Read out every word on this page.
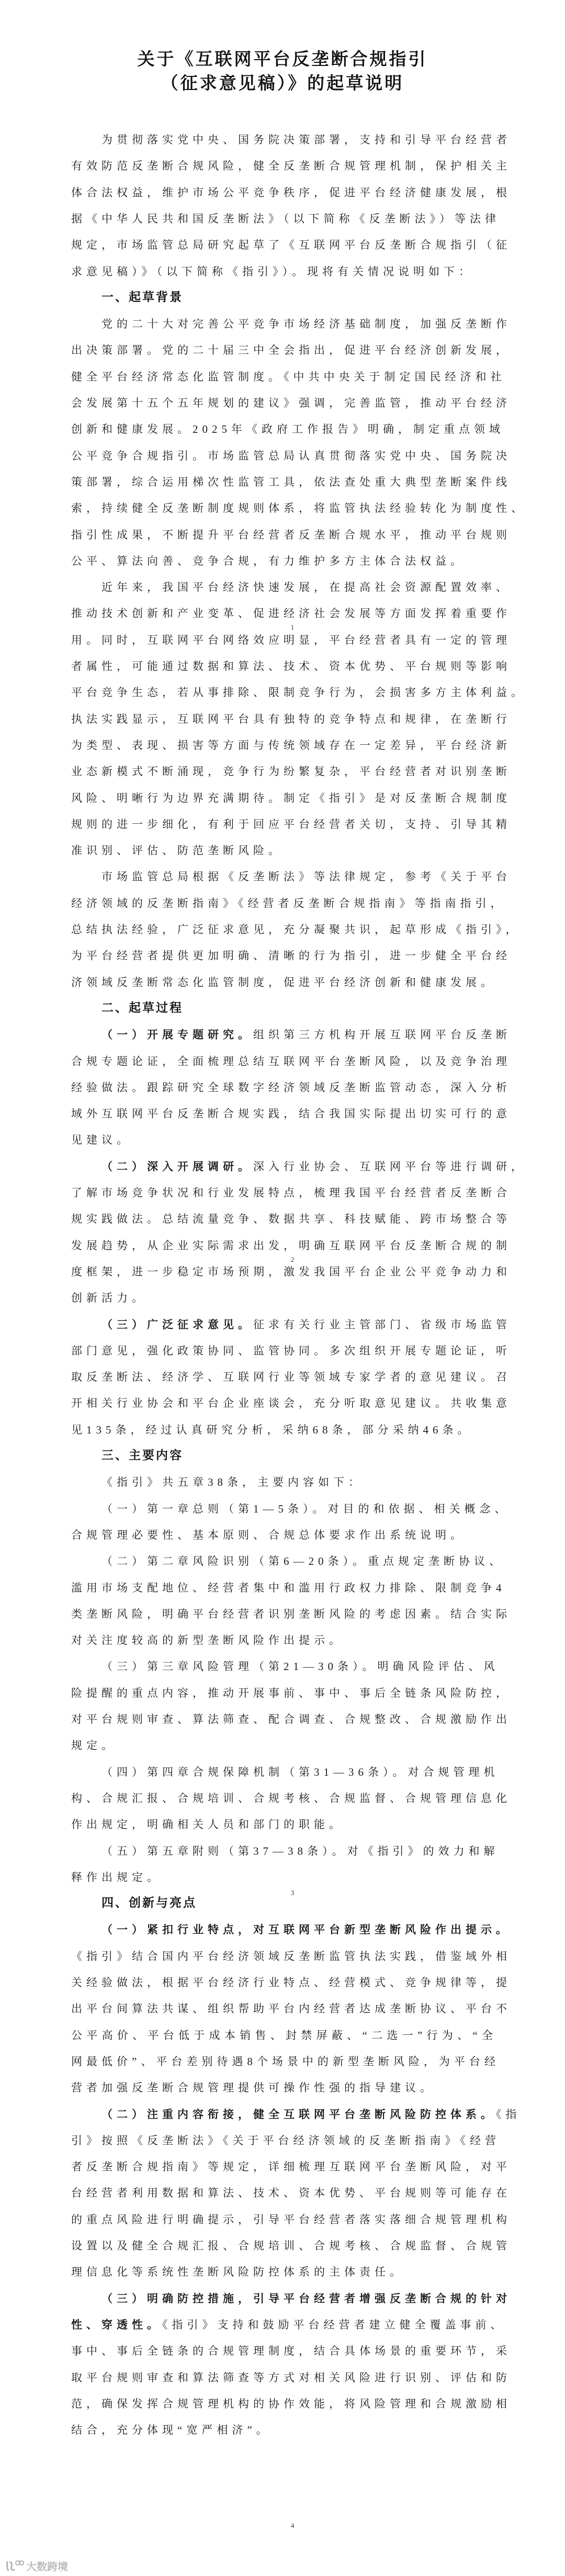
关于《互联网平台反垄断合规指引
（征求意见稿）》的起草说明
1
2
3
4
大数跨境
为贯彻落实党中央、国务院决策部署，支持和引导平台经营者
有效防范反垄断合规风险，健全反垄断合规管理机制，保护相关主
体合法权益，维护市场公平竞争秩序，促进平台经济健康发展，根
据《中华人民共和国反垄断法》（以下简称《反垄断法》）等法律
规定，市场监管总局研究起草了《互联网平台反垄断合规指引（征
求意见稿）》（以下简称《指引》）。现将有关情况说明如下：
一、起草背景
党的二十大对完善公平竞争市场经济基础制度，加强反垄断作
出决策部署。党的二十届三中全会指出，促进平台经济创新发展，
健全平台经济常态化监管制度。《中共中央关于制定国民经济和社
会发展第十五个五年规划的建议》强调，完善监管，推动平台经济
创新和健康发展。2025年《政府工作报告》明确，制定重点领域
公平竞争合规指引。市场监管总局认真贯彻落实党中央、国务院决
策部署，综合运用梯次性监管工具，依法查处重大典型垄断案件线
索，持续健全反垄断制度规则体系，将监管执法经验转化为制度性、
指引性成果，不断提升平台经营者反垄断合规水平，推动平台规则
公平、算法向善、竞争合规，有力维护多方主体合法权益。
近年来，我国平台经济快速发展，在提高社会资源配置效率、
推动技术创新和产业变革、促进经济社会发展等方面发挥着重要作
用。同时，互联网平台网络效应明显，平台经营者具有一定的管理
者属性，可能通过数据和算法、技术、资本优势、平台规则等影响
平台竞争生态，若从事排除、限制竞争行为，会损害多方主体利益。
执法实践显示，互联网平台具有独特的竞争特点和规律，在垄断行
为类型、表现、损害等方面与传统领域存在一定差异，平台经济新
业态新模式不断涌现，竞争行为纷繁复杂，平台经营者对识别垄断
风险、明晰行为边界充满期待。制定《指引》是对反垄断合规制度
规则的进一步细化，有利于回应平台经营者关切，支持、引导其精
准识别、评估、防范垄断风险。
市场监管总局根据《反垄断法》等法律规定，参考《关于平台
经济领域的反垄断指南》《经营者反垄断合规指南》等指南指引，
总结执法经验，广泛征求意见，充分凝聚共识，起草形成《指引》，
为平台经营者提供更加明确、清晰的行为指引，进一步健全平台经
济领域反垄断常态化监管制度，促进平台经济创新和健康发展。
二、起草过程
（一）开展专题研究。组织第三方机构开展互联网平台反垄断
合规专题论证，全面梳理总结互联网平台垄断风险，以及竞争治理
经验做法。跟踪研究全球数字经济领域反垄断监管动态，深入分析
域外互联网平台反垄断合规实践，结合我国实际提出切实可行的意
见建议。
（二）深入开展调研。深入行业协会、互联网平台等进行调研，
了解市场竞争状况和行业发展特点，梳理我国平台经营者反垄断合
规实践做法。总结流量竞争、数据共享、科技赋能、跨市场整合等
发展趋势，从企业实际需求出发，明确互联网平台反垄断合规的制
度框架，进一步稳定市场预期，激发我国平台企业公平竞争动力和
创新活力。
（三）广泛征求意见。征求有关行业主管部门、省级市场监管
部门意见，强化政策协同、监管协同。多次组织开展专题论证，听
取反垄断法、经济学、互联网行业等领域专家学者的意见建议。召
开相关行业协会和平台企业座谈会，充分听取意见建议。共收集意
见135条，经过认真研究分析，采纳68条，部分采纳46条。
三、主要内容
《指引》共五章38条，主要内容如下：
（一）第一章总则（第1—5条）。对目的和依据、相关概念、
合规管理必要性、基本原则、合规总体要求作出系统说明。
（二）第二章风险识别（第6—20条）。重点规定垄断协议、
滥用市场支配地位、经营者集中和滥用行政权力排除、限制竞争4
类垄断风险，明确平台经营者识别垄断风险的考虑因素。结合实际
对关注度较高的新型垄断风险作出提示。
（三）第三章风险管理（第21—30条）。明确风险评估、风
险提醒的重点内容，推动开展事前、事中、事后全链条风险防控，
对平台规则审查、算法筛查、配合调查、合规整改、合规激励作出
规定。
（四）第四章合规保障机制（第31—36条）。对合规管理机
构、合规汇报、合规培训、合规考核、合规监督、合规管理信息化
作出规定，明确相关人员和部门的职能。
（五）第五章附则（第37—38条）。对《指引》的效力和解
释作出规定。
四、创新与亮点
（一）紧扣行业特点，对互联网平台新型垄断风险作出提示。
《指引》结合国内平台经济领域反垄断监管执法实践，借鉴域外相
关经验做法，根据平台经济行业特点、经营模式、竞争规律等，提
出平台间算法共谋、组织帮助平台内经营者达成垄断协议、平台不
公平高价、平台低于成本销售、封禁屏蔽、“二选一”行为、“全
网最低价”、平台差别待遇8个场景中的新型垄断风险，为平台经
营者加强反垄断合规管理提供可操作性强的指导建议。
（二）注重内容衔接，健全互联网平台垄断风险防控体系。《指
引》按照《反垄断法》《关于平台经济领域的反垄断指南》《经营
者反垄断合规指南》等规定，详细梳理互联网平台垄断风险，对平
台经营者利用数据和算法、技术、资本优势、平台规则等可能存在
的重点风险进行明确提示，引导平台经营者落实落细合规管理机构
设置以及健全合规汇报、合规培训、合规考核、合规监督、合规管
理信息化等系统性垄断风险防控体系的主体责任。
（三）明确防控措施，引导平台经营者增强反垄断合规的针对
性、穿透性。《指引》支持和鼓励平台经营者建立健全覆盖事前、
事中、事后全链条的合规管理制度，结合具体场景的重要环节，采
取平台规则审查和算法筛查等方式对相关风险进行识别、评估和防
范，确保发挥合规管理机构的协作效能，将风险管理和合规激励相
结合，充分体现“宽严相济”。
